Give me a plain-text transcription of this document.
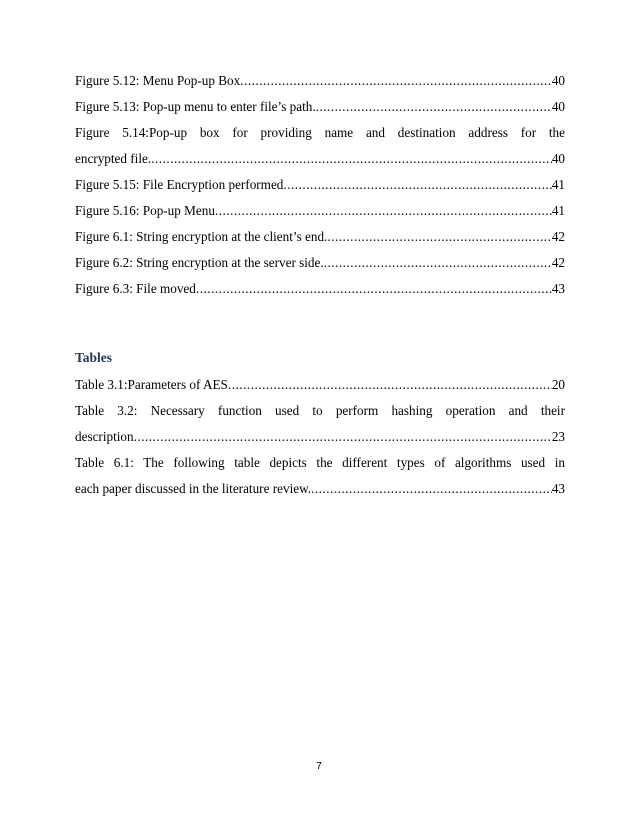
Figure 5.12: Menu Pop-up Box .....	40
Figure 5.13: Pop-up menu to enter file’s path. .....	40
Figure 5.14:Pop-up box for providing name and destination address for the
encrypted file. .....	40
Figure 5.15: File Encryption performed .....	41
Figure 5.16: Pop-up Menu .....	41
Figure 6.1: String encryption at the client’s end. .....	42
Figure 6.2: String encryption at the server side. .....	42
Figure 6.3: File moved .....	43
Tables
Table 3.1:Parameters of AES .....	20
Table 3.2: Necessary function used to perform hashing operation and their
description .....	23
Table 6.1: The following table depicts the different types of algorithms used in
each paper discussed in the literature review. .....	43
7
